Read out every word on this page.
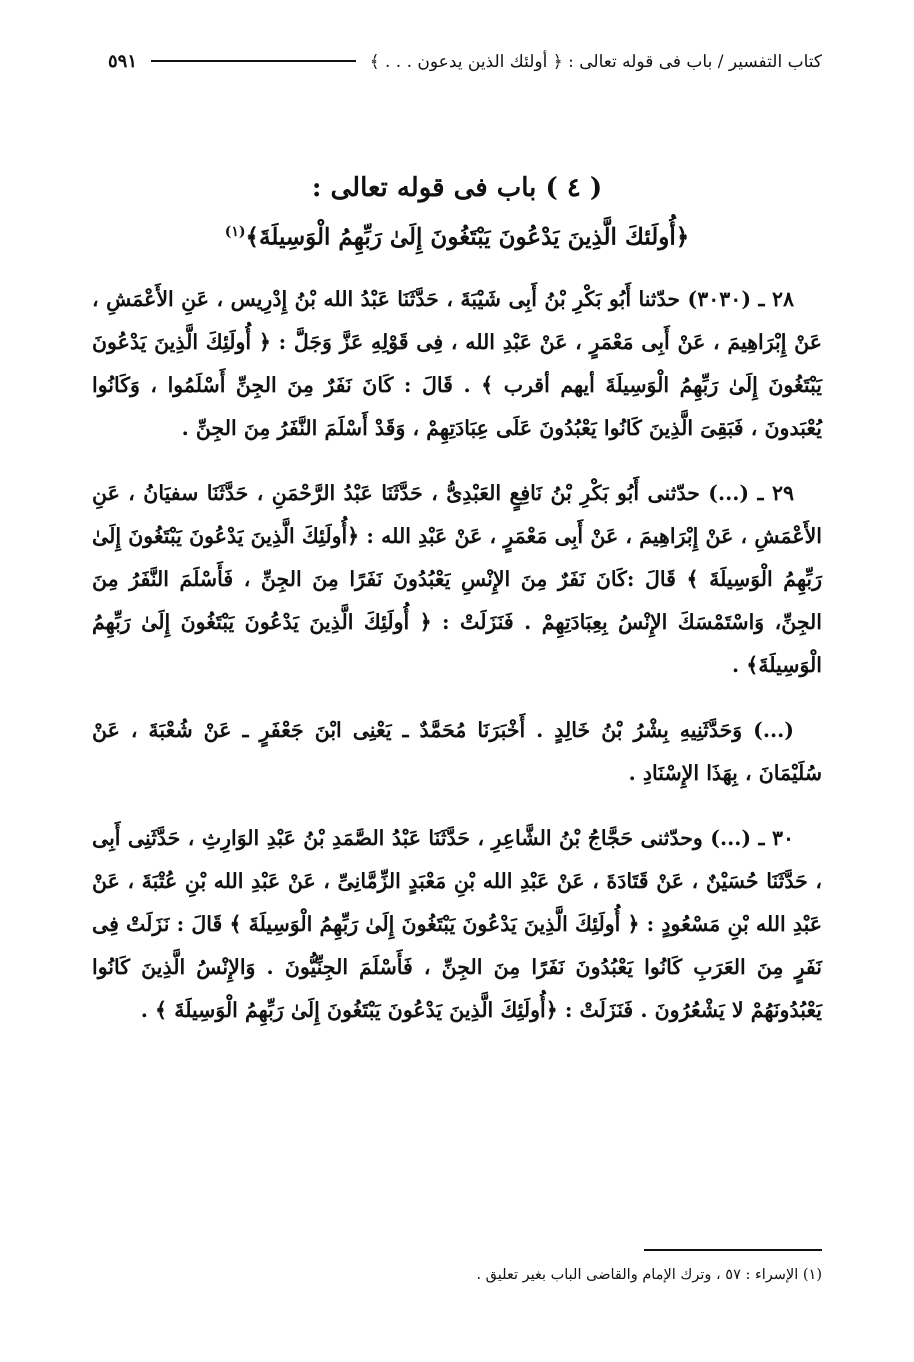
كتاب التفسير / باب فى قوله تعالى : ﴿ أولئك الذين يدعون . . . ﴾
٥٩١
( ٤ ) باب فى قوله تعالى :
﴿أُولَئكَ الَّذِينَ يَدْعُونَ يَبْتَغُونَ إِلَىٰ رَبِّهِمُ الْوَسِيلَةَ﴾$^{(١)}$

٢٨ ـ (٣٠٣٠) حدّثنا أَبُو بَكْرِ بْنُ أَبِى شَيْبَةَ ، حَدَّثَنَا عَبْدُ الله بْنُ إِدْرِيس ، عَنِ الأَعْمَشِ ، عَنْ إِبْرَاهِيمَ ، عَنْ أَبِى مَعْمَرٍ ، عَنْ عَبْدِ الله ، فِى قَوْلِهِ عَزَّ وَجَلَّ : ﴿ أُولَئِكَ الَّذِينَ يَدْعُونَ يَبْتَغُونَ إِلَىٰ رَبِّهِمُ الْوَسِيلَةَ أيهم أقرب ﴾ . قَالَ : كَانَ نَفَرٌ مِنَ الجِنِّ أَسْلَمُوا ، وَكَانُوا يُعْبَدونَ ، فَبَقِىَ الَّذِينَ كَانُوا يَعْبُدُونَ عَلَى عِبَادَتِهِمْ ، وَقَدْ أَسْلَمَ النَّفَرُ مِنَ الجِنِّ .

٢٩ ـ (...) حدّثنى أَبُو بَكْرِ بْنُ نَافِعٍ العَبْدِىُّ ، حَدَّثَنَا عَبْدُ الرَّحْمَنِ ، حَدَّثَنَا سفيَانُ ، عَنِ الأَعْمَشِ ، عَنْ إِبْرَاهِيمَ ، عَنْ أَبِى مَعْمَرٍ ، عَنْ عَبْدِ الله : ﴿أُولَئِكَ الَّذِينَ يَدْعُونَ يَبْتَغُونَ إِلَىٰ رَبِّهِمُ الْوَسِيلَةَ ﴾ قَالَ :كَانَ نَفَرٌ مِنَ الإِنْسِ يَعْبُدُونَ نَفَرًا مِنَ الجِنِّ ، فَأَسْلَمَ النَّفَرُ مِنَ الجِنِّ، وَاسْتَمْسَكَ الإِنْسُ بِعِبَادَتِهِمْ . فَنَزَلَتْ : ﴿ أُولَئِكَ الَّذِينَ يَدْعُونَ يَبْتَغُونَ إِلَىٰ رَبِّهِمُ الْوَسِيلَةَ﴾ .

(...) وَحَدَّثَنِيهِ بِشْرُ بْنُ خَالِدٍ . أَخْبَرَنَا مُحَمَّدٌ ـ يَعْنِى ابْنَ جَعْفَرٍ ـ عَنْ شُعْبَةَ ، عَنْ سُلَيْمَانَ ، بِهَذَا الإِسْنَادِ .

٣٠ ـ (...) وحدّثنى حَجَّاجُ بْنُ الشَّاعِرِ ، حَدَّثَنَا عَبْدُ الصَّمَدِ بْنُ عَبْدِ الوَارِثِ ، حَدَّثَنِى أَبِى ، حَدَّثَنَا حُسَيْنٌ ، عَنْ قَتَادَةَ ، عَنْ عَبْدِ الله بْنِ مَعْبَدٍ الزِّمَّانِىِّ ، عَنْ عَبْدِ الله بْنِ عُتْبَةَ ، عَنْ عَبْدِ الله بْنِ مَسْعُودٍ : ﴿ أُولَئِكَ الَّذِينَ يَدْعُونَ يَبْتَغُونَ إِلَىٰ رَبِّهِمُ الْوَسِيلَةَ ﴾ قَالَ : نَزَلَتْ فِى نَفَرٍ مِنَ العَرَبِ كَانُوا يَعْبُدُونَ نَفَرًا مِنَ الجِنِّ ، فَأَسْلَمَ الجِنِّيُّونَ . وَالإِنْسُ الَّذِينَ كَانُوا يَعْبُدُونَهُمْ لا يَشْعُرُونَ . فَنَزَلَتْ : ﴿أُولَئِكَ الَّذِينَ يَدْعُونَ يَبْتَغُونَ إِلَىٰ رَبِّهِمُ الْوَسِيلَةَ ﴾ .

(١) الإسراء : ٥٧ ، وترك الإمام والقاضى الباب بغير تعليق .
